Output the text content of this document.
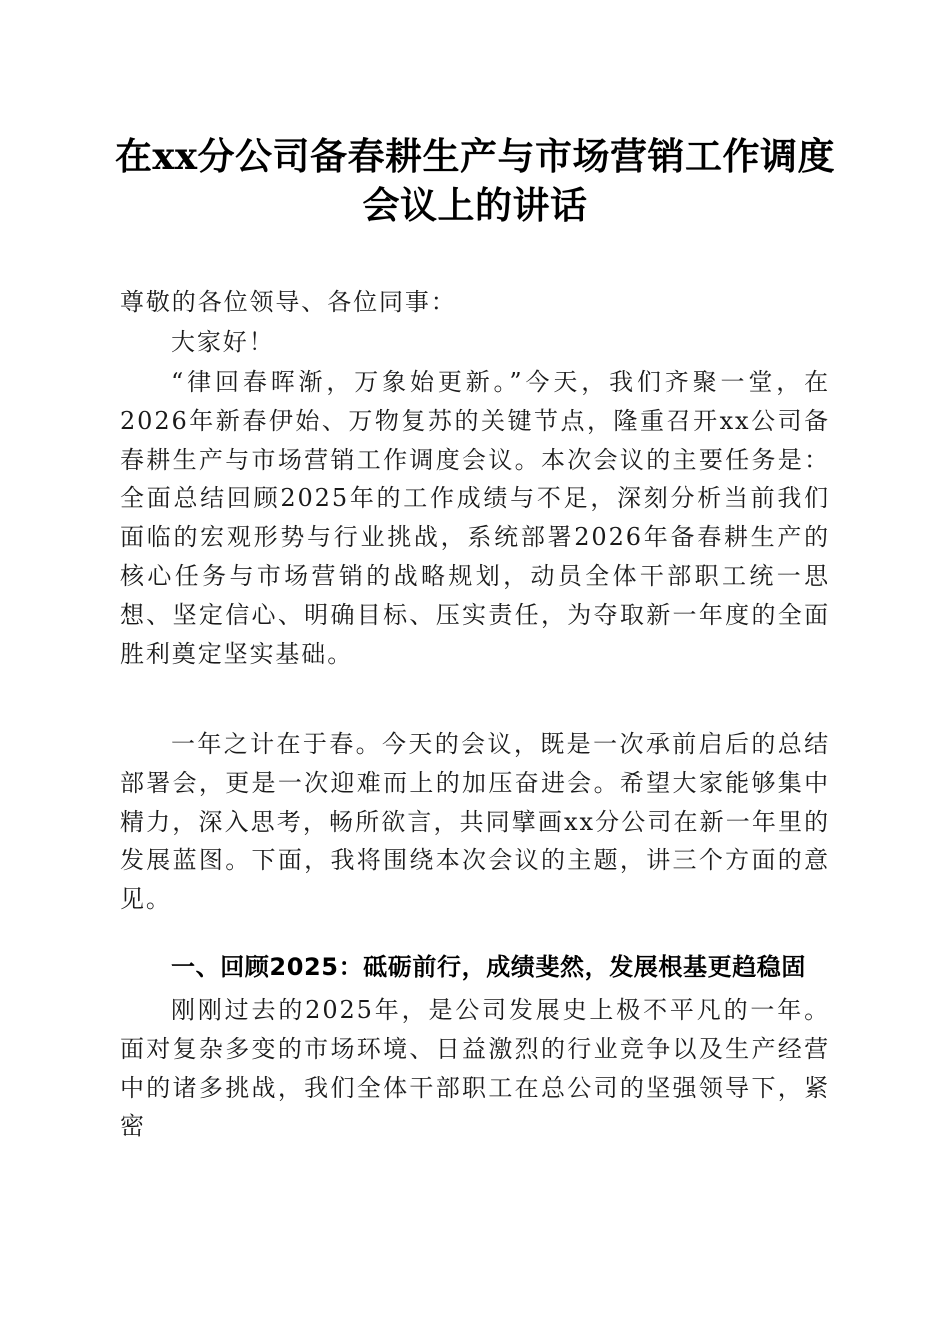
在xx分公司备春耕生产与市场营销工作调度
会议上的讲话
尊敬的各位领导、各位同事：
大家好！
“律回春晖渐，万象始更新。”今天，我们齐聚一堂，在2026年新春伊始、万物复苏的关键节点，隆重召开xx公司备春耕生产与市场营销工作调度会议。本次会议的主要任务是：全面总结回顾2025年的工作成绩与不足，深刻分析当前我们面临的宏观形势与行业挑战，系统部署2026年备春耕生产的核心任务与市场营销的战略规划，动员全体干部职工统一思想、坚定信心、明确目标、压实责任，为夺取新一年度的全面胜利奠定坚实基础。
一年之计在于春。今天的会议，既是一次承前启后的总结部署会，更是一次迎难而上的加压奋进会。希望大家能够集中精力，深入思考，畅所欲言，共同擘画xx分公司在新一年里的发展蓝图。下面，我将围绕本次会议的主题，讲三个方面的意见。
一、回顾2025：砥砺前行，成绩斐然，发展根基更趋稳固
刚刚过去的2025年，是公司发展史上极不平凡的一年。面对复杂多变的市场环境、日益激烈的行业竞争以及生产经营中的诸多挑战，我们全体干部职工在总公司的坚强领导下，紧密
